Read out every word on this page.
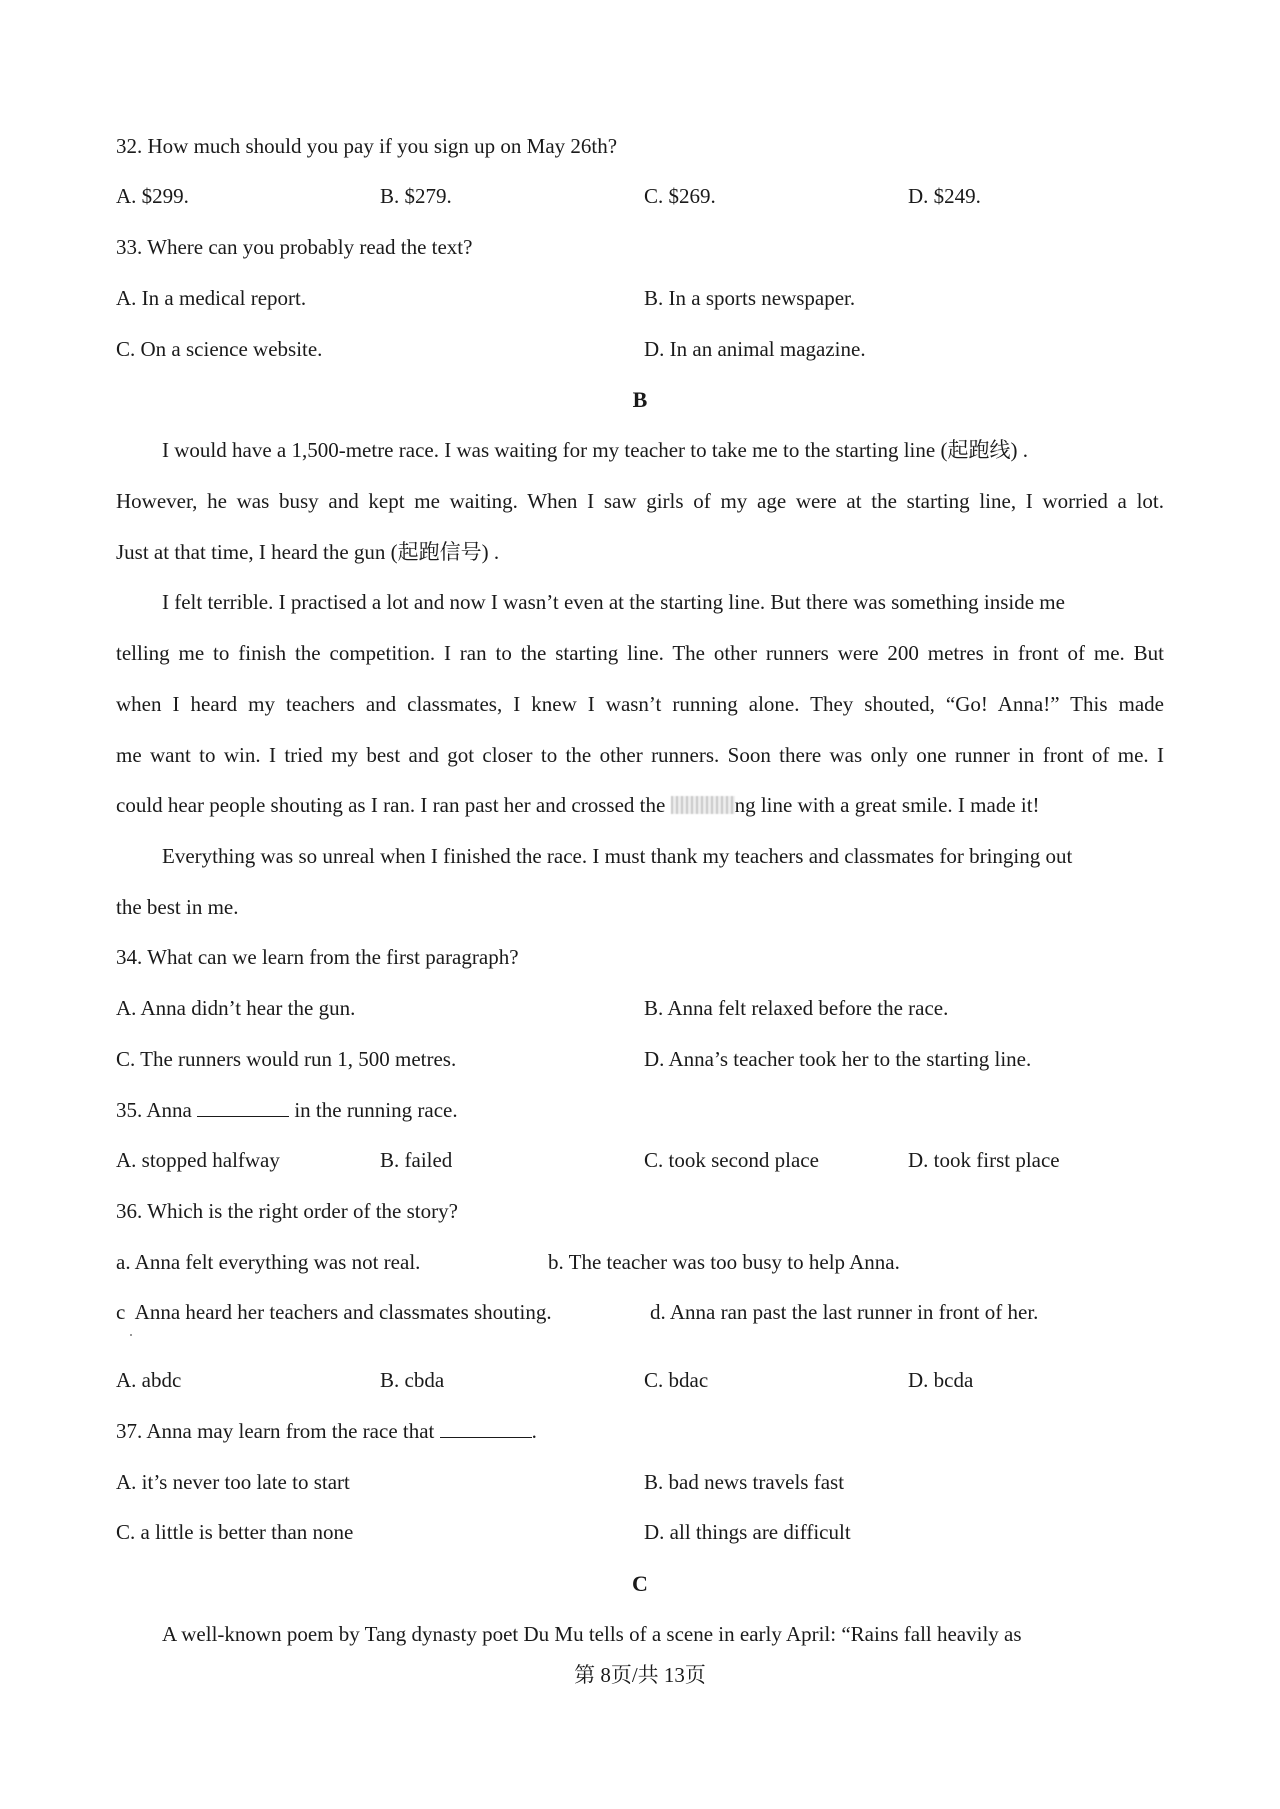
32. How much should you pay if you sign up on May 26th?
A. $299.	B. $279.	C. $269.	D. $249.
33. Where can you probably read the text?
A. In a medical report.	B. In a sports newspaper.
C. On a science website.	D. In an animal magazine.
B
I would have a 1,500-metre race. I was waiting for my teacher to take me to the starting line (起跑线) .
However, he was busy and kept me waiting. When I saw girls of my age were at the starting line, I worried a lot.
Just at that time, I heard the gun (起跑信号) .
I felt terrible. I practised a lot and now I wasn’t even at the starting line. But there was something inside me
telling me to finish the competition. I ran to the starting line. The other runners were 200 metres in front of me. But
when I heard my teachers and classmates, I knew I wasn’t running alone. They shouted, “Go! Anna!” This made
me want to win. I tried my best and got closer to the other runners. Soon there was only one runner in front of me. I
could hear people shouting as I ran. I ran past her and crossed the	ng line with a great smile. I made it!
Everything was so unreal when I finished the race. I must thank my teachers and classmates for bringing out
the best in me.
34. What can we learn from the first paragraph?
A. Anna didn’t hear the gun.	B. Anna felt relaxed before the race.
C. The runners would run 1, 500 metres.	D. Anna’s teacher took her to the starting line.
35. Anna	in the running race.
A. stopped halfway	B. failed	C. took second place	D. took first place
36. Which is the right order of the story?
a. Anna felt everything was not real.	b. The teacher was too busy to help Anna.
c  Anna heard her teachers and classmates shouting.	d. Anna ran past the last runner in front of her.
A. abdc	B. cbda	C. bdac	D. bcda
37. Anna may learn from the race that	.
A. it’s never too late to start	B. bad news travels fast
C. a little is better than none	D. all things are difficult
C
A well-known poem by Tang dynasty poet Du Mu tells of a scene in early April: “Rains fall heavily as
第 8页/共 13页
